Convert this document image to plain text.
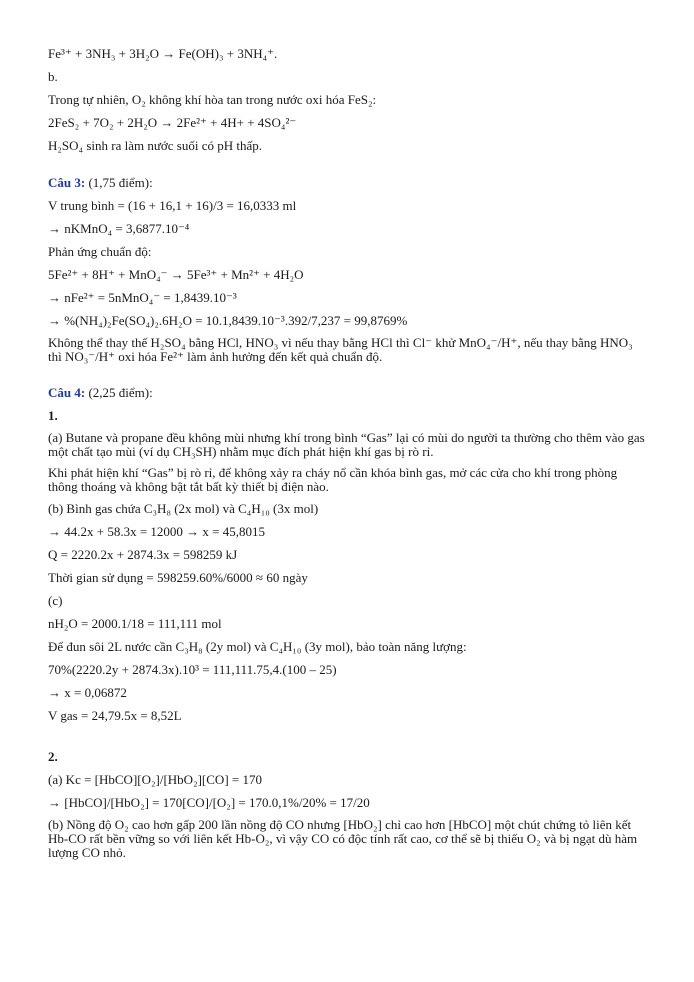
Fe³⁺ + 3NH₃ + 3H₂O → Fe(OH)₃ + 3NH₄⁺.
b.
Trong tự nhiên, O₂ không khí hòa tan trong nước oxi hóa FeS₂:
2FeS₂ + 7O₂ + 2H₂O → 2Fe²⁺ + 4H+ + 4SO₄²⁻
H₂SO₄ sinh ra làm nước suối có pH thấp.
Câu 3: (1,75 điểm):
V trung bình = (16 + 16,1 + 16)/3 = 16,0333 ml
→ nKMnO₄ = 3,6877.10⁻⁴
Phản ứng chuẩn độ:
5Fe²⁺ + 8H⁺ + MnO₄⁻ → 5Fe³⁺ + Mn²⁺ + 4H₂O
→ nFe²⁺ = 5nMnO₄⁻ = 1,8439.10⁻³
→ %(NH₄)₂Fe(SO₄)₂.6H₂O = 10.1,8439.10⁻³.392/7,237 = 99,8769%
Không thể thay thế H₂SO₄ bằng HCl, HNO₃ vì nếu thay bằng HCl thì Cl⁻ khử MnO₄⁻/H⁺, nếu thay bằng HNO₃ thì NO₃⁻/H⁺ oxi hóa Fe²⁺ làm ảnh hưởng đến kết quả chuẩn độ.
Câu 4: (2,25 điểm):
1.
(a) Butane và propane đều không mùi nhưng khí trong bình “Gas” lại có mùi do người ta thường cho thêm vào gas một chất tạo mùi (ví dụ CH₃SH) nhằm mục đích phát hiện khí gas bị rò rỉ.
Khi phát hiện khí “Gas” bị rò rỉ, để không xảy ra cháy nổ cần khóa bình gas, mở các cửa cho khí trong phòng thông thoáng và không bật tắt bất kỳ thiết bị điện nào.
(b) Bình gas chứa C₃H₈ (2x mol) và C₄H₁₀ (3x mol)
→ 44.2x + 58.3x = 12000 → x = 45,8015
Q = 2220.2x + 2874.3x = 598259 kJ
Thời gian sử dụng = 598259.60%/6000 ≈ 60 ngày
(c)
nH₂O = 2000.1/18 = 111,111 mol
Để đun sôi 2L nước cần C₃H₈ (2y mol) và C₄H₁₀ (3y mol), bảo toàn năng lượng:
70%(2220.2y + 2874.3x).10³ = 111,111.75,4.(100 – 25)
→ x = 0,06872
V gas = 24,79.5x = 8,52L
2.
(a) Kc = [HbCO][O₂]/[HbO₂][CO] = 170
→ [HbCO]/[HbO₂] = 170[CO]/[O₂] = 170.0,1%/20% = 17/20
(b) Nồng độ O₂ cao hơn gấp 200 lần nồng độ CO nhưng [HbO₂] chỉ cao hơn [HbCO] một chút chứng tỏ liên kết Hb-CO rất bền vững so với liên kết Hb-O₂, vì vậy CO có độc tính rất cao, cơ thể sẽ bị thiếu O₂ và bị ngạt dù hàm lượng CO nhỏ.
